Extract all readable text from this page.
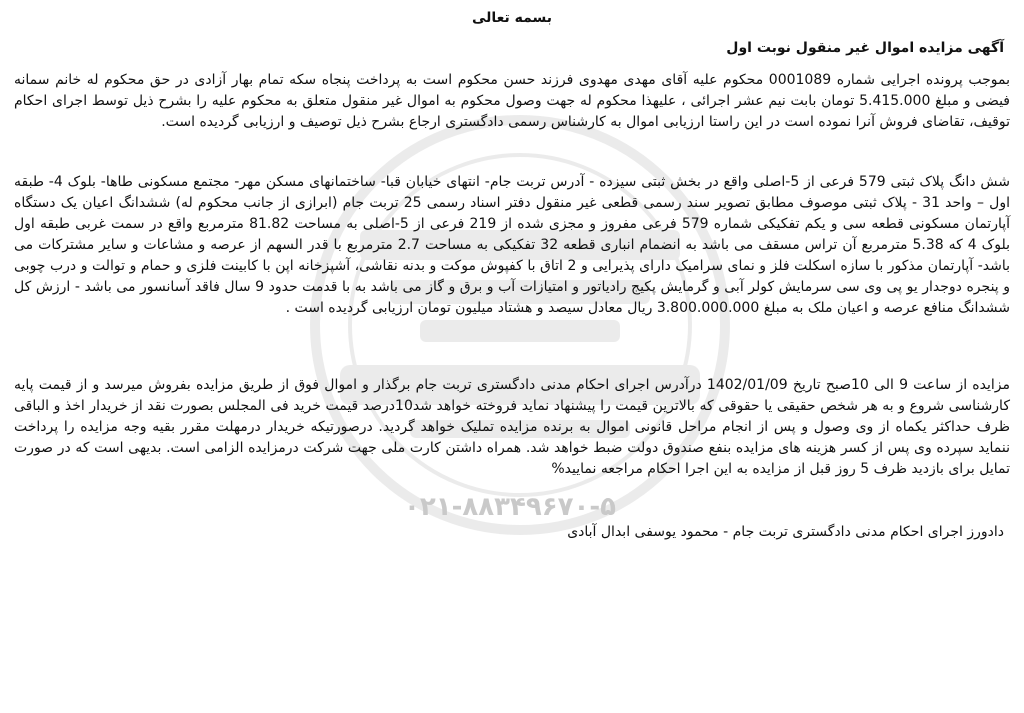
۰۲۱-۸۸۳۴۹۶۷۰-۵
بسمه تعالی
آگهی مزایده اموال غیر منقول نوبت اول
بموجب پرونده اجرایی شماره 0001089 محکوم علیه آقای مهدی مهدوی فرزند حسن محکوم است به پرداخت پنجاه سکه تمام بهار آزادی در حق محکوم له خانم سمانه فیضی و مبلغ 5.415.000 تومان بابت نیم عشر اجرائی ، علیهذا محکوم له جهت وصول محکوم به اموال غیر منقول متعلق به محکوم علیه را بشرح ذیل توسط اجرای احکام توقیف، تقاضای فروش آنرا نموده است در این راستا ارزیابی اموال به کارشناس رسمی دادگستری ارجاع بشرح ذیل توصیف و ارزیابی گردیده است.
شش دانگ پلاک ثبتی 579 فرعی از 5-اصلی واقع در بخش ثبتی سیزده - آدرس تربت جام- انتهای خیابان قبا- ساختمانهای مسکن مهر- مجتمع مسکونی طاها- بلوک 4- طبقه اول – واحد 31 - پلاک ثبتی موصوف مطابق تصویر سند رسمی قطعی غیر منقول دفتر اسناد رسمی 25 تربت جام (ابرازی از جانب محکوم له) ششدانگ اعیان یک دستگاه آپارتمان مسکونی قطعه سی و یکم تفکیکی شماره 579 فرعی مفروز و مجزی شده از 219 فرعی از 5-اصلی به مساحت 81.82 مترمربع واقع در سمت غربی طبقه اول بلوک 4 که 5.38 مترمربع آن تراس مسقف می باشد به انضمام انباری قطعه 32 تفکیکی به مساحت 2.7 مترمربع با قدر السهم از عرصه و مشاعات و سایر مشترکات می باشد- آپارتمان مذکور با سازه اسکلت فلز و نمای سرامیک دارای پذیرایی و 2 اتاق با کفپوش موکت و بدنه نقاشی، آشپزخانه اپن با کابینت فلزی و حمام و توالت و درب چوبی و پنجره دوجدار یو پی وی سی سرمایش کولر آبی و گرمایش پکیج رادیاتور و امتیازات آب و برق و گاز می باشد به با قدمت حدود 9 سال فاقد آسانسور می باشد - ارزش کل ششدانگ منافع عرصه و اعیان ملک به مبلغ 3.800.000.000 ریال معادل سیصد و هشتاد میلیون تومان ارزیابی گردیده است .
مزایده از ساعت 9 الی 10صبح تاریخ 1402/01/09 درآدرس اجرای احکام مدنی دادگستری تربت جام برگذار و اموال فوق از طریق مزایده بفروش میرسد و از قیمت پایه کارشناسی شروع و به هر شخص حقیقی یا حقوقی که بالاترین قیمت را پیشنهاد نماید فروخته خواهد شد10درصد قیمت خرید فی المجلس بصورت نقد از خریدار اخذ و الباقی ظرف حداکثر یکماه از وی وصول و پس از انجام مراحل قانونی اموال به برنده مزایده تملیک خواهد گردید. درصورتیکه خریدار درمهلت مقرر بقیه وجه مزایده را پرداخت ننماید سپرده وی پس از کسر هزینه های مزایده بنفع صندوق دولت ضبط خواهد شد. همراه داشتن کارت ملی جهت شرکت درمزایده الزامی است. بدیهی است که در صورت تمایل برای بازدید ظرف 5 روز قبل از مزایده به این اجرا احکام مراجعه نمایید%
دادورز اجرای احکام مدنی دادگستری تربت جام - محمود یوسفی ابدال آبادی
